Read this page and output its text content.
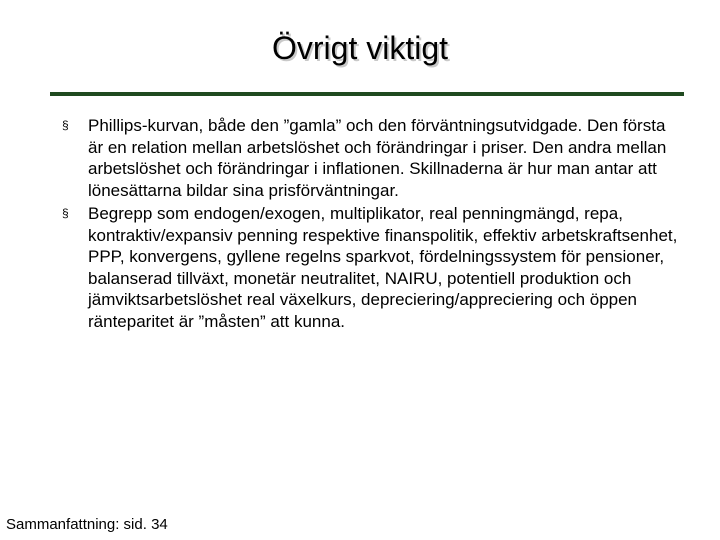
Övrigt viktigt
§ Phillips-kurvan, både den ”gamla” och den förväntningsutvidgade. Den första är en relation mellan arbetslöshet och förändringar i priser. Den andra mellan arbetslöshet och förändringar i inflationen. Skillnaderna är hur man antar att lönesättarna bildar sina prisförväntningar.
§ Begrepp som endogen/exogen, multiplikator, real penningmängd, repa, kontraktiv/expansiv penning respektive finanspolitik, effektiv arbetskraftsenhet, PPP, konvergens, gyllene regelns sparkvot, fördelningssystem för pensioner, balanserad tillväxt, monetär neutralitet, NAIRU, potentiell produktion och jämviktsarbetslöshet real växelkurs, depreciering/appreciering och öppen ränteparitet är ”måsten” att kunna.
Sammanfattning: sid. 34
